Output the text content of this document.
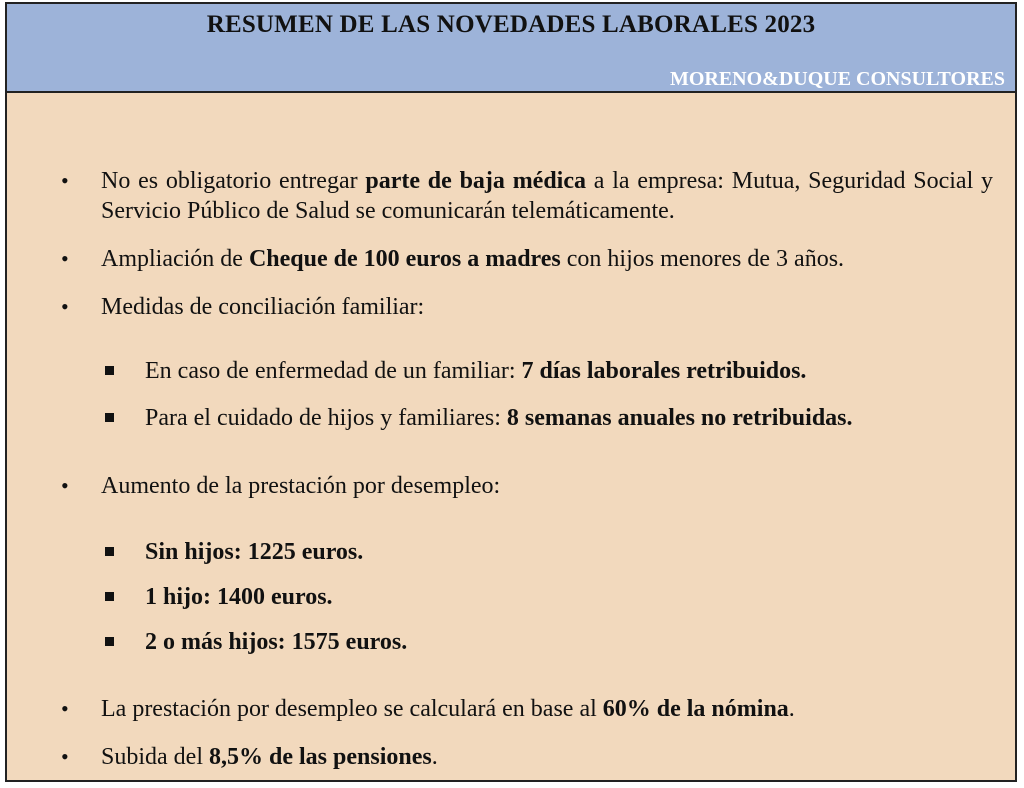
RESUMEN DE LAS NOVEDADES LABORALES 2023
MORENO&DUQUE CONSULTORES
•	No es obligatorio entregar parte de baja médica a la empresa: Mutua, Seguridad Social y Servicio Público de Salud se comunicarán telemáticamente.
•	Ampliación de Cheque de 100 euros a madres con hijos menores de 3 años.
•	Medidas de conciliación familiar:
En caso de enfermedad de un familiar: 7 días laborales retribuidos.
Para el cuidado de hijos y familiares: 8 semanas anuales no retribuidas.
•	Aumento de la prestación por desempleo:
Sin hijos: 1225 euros.
1 hijo: 1400 euros.
2 o más hijos: 1575 euros.
•	La prestación por desempleo se calculará en base al 60% de la nómina.
•	Subida del 8,5% de las pensiones.
